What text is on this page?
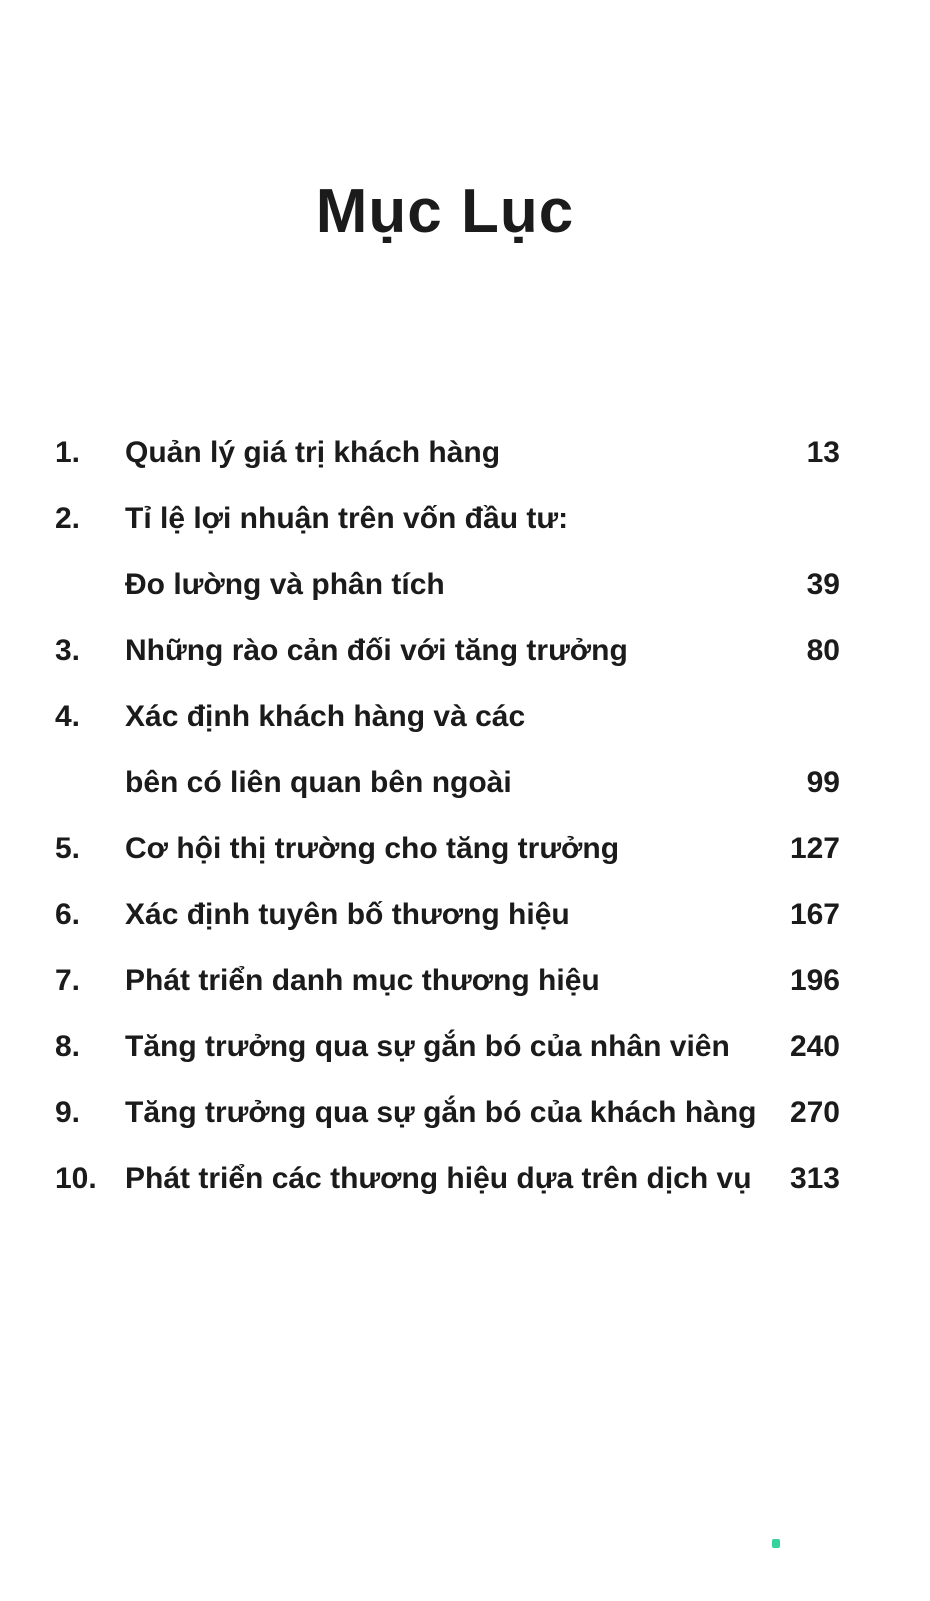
Mục Lục
1.	Quản lý giá trị khách hàng	13
2.	Tỉ lệ lợi nhuận trên vốn đầu tư:
Đo lường và phân tích	39
3.	Những rào cản đối với tăng trưởng	80
4.	Xác định khách hàng và các
bên có liên quan bên ngoài	99
5.	Cơ hội thị trường cho tăng trưởng	127
6.	Xác định tuyên bố thương hiệu	167
7.	Phát triển danh mục thương hiệu	196
8.	Tăng trưởng qua sự gắn bó của nhân viên	240
9.	Tăng trưởng qua sự gắn bó của khách hàng	270
10. Phát triển các thương hiệu dựa trên dịch vụ	313
